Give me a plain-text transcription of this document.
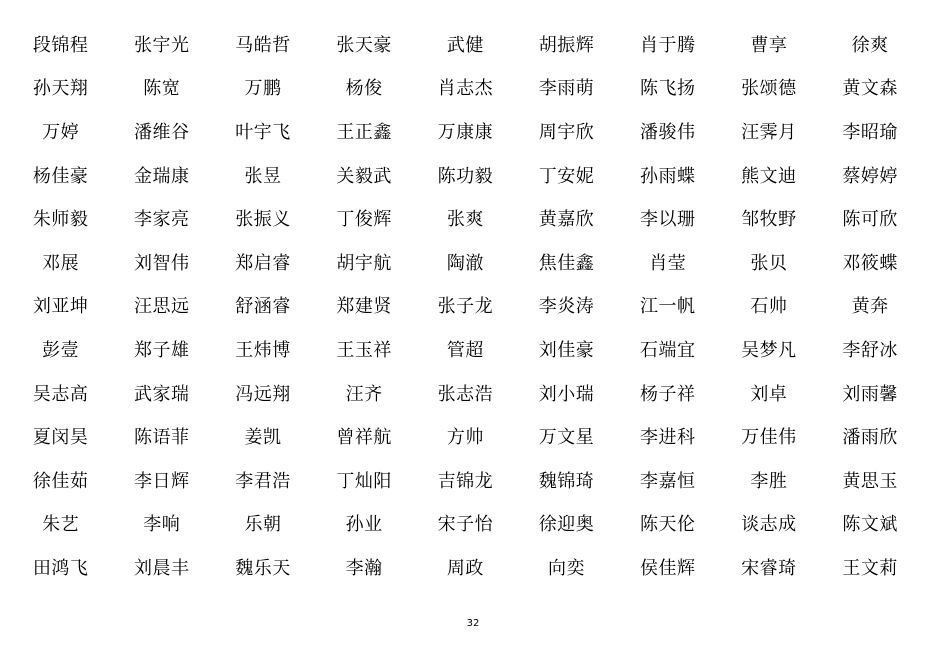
段锦程	张宇光	马皓哲	张天豪	武健	胡振辉	肖于腾	曹享	徐爽
孙天翔	陈宽	万鹏	杨俊	肖志杰	李雨萌	陈飞扬	张颂德	黄文森
万婷	潘维谷	叶宇飞	王正鑫	万康康	周宇欣	潘骏伟	汪霁月	李昭瑜
杨佳豪	金瑞康	张昱	关毅武	陈功毅	丁安妮	孙雨蝶	熊文迪	蔡婷婷
朱师毅	李家亮	张振义	丁俊辉	张爽	黄嘉欣	李以珊	邹牧野	陈可欣
邓展	刘智伟	郑启睿	胡宇航	陶澈	焦佳鑫	肖莹	张贝	邓筱蝶
刘亚坤	汪思远	舒涵睿	郑建贤	张子龙	李炎涛	江一帆	石帅	黄奔
彭壹	郑子雄	王炜博	王玉祥	管超	刘佳豪	石端宜	吴梦凡	李舒冰
吴志高	武家瑞	冯远翔	汪齐	张志浩	刘小瑞	杨子祥	刘卓	刘雨馨
夏闵昊	陈语菲	姜凯	曾祥航	方帅	万文星	李进科	万佳伟	潘雨欣
徐佳茹	李日辉	李君浩	丁灿阳	吉锦龙	魏锦琦	李嘉恒	李胜	黄思玉
朱艺	李响	乐朝	孙业	宋子怡	徐迎奥	陈天伦	谈志成	陈文斌
田鸿飞	刘晨丰	魏乐天	李瀚	周政	向奕	侯佳辉	宋睿琦	王文莉
32
